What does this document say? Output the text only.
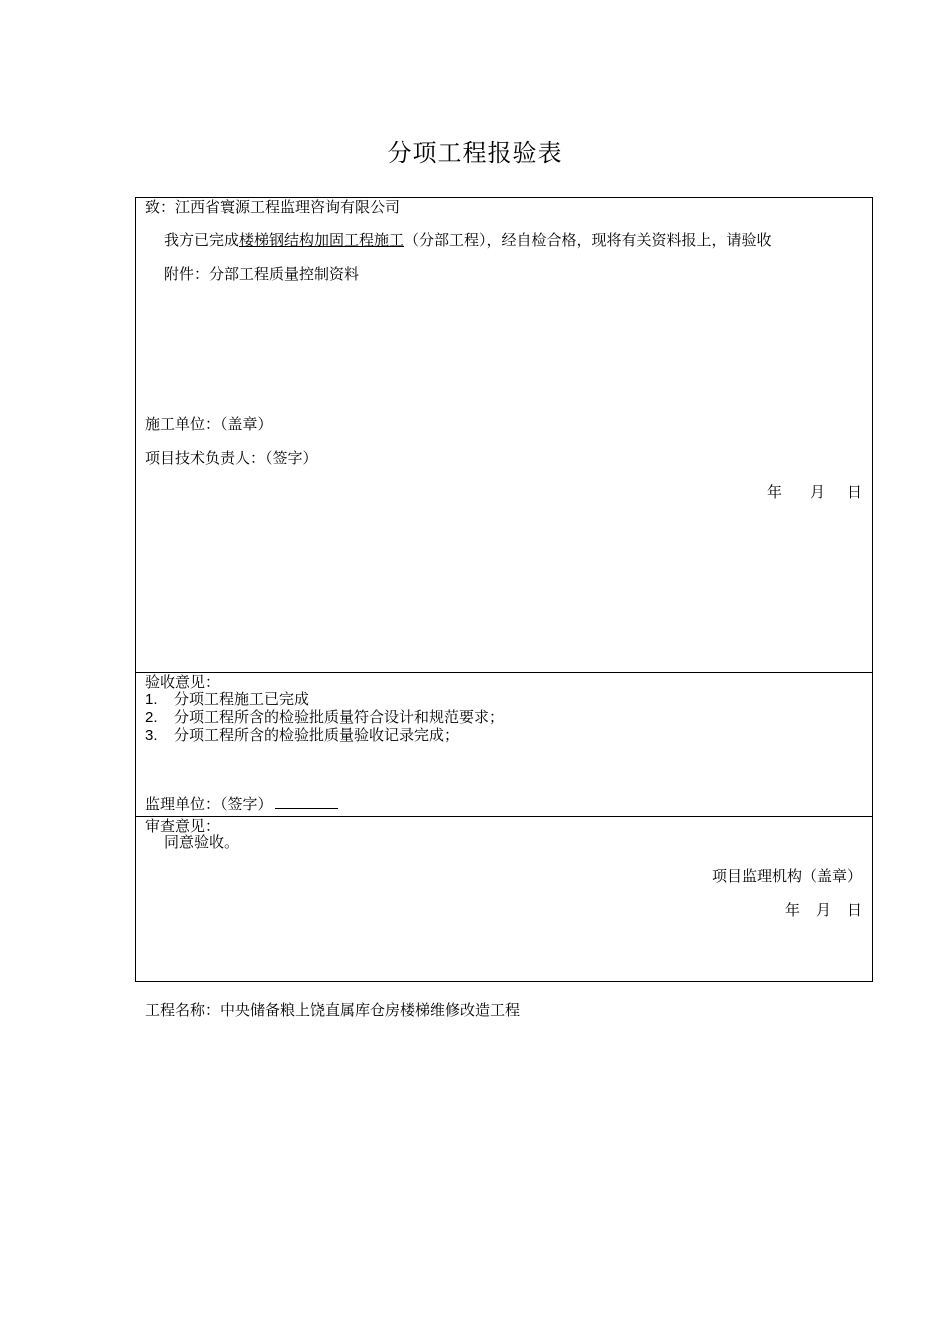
分项工程报验表
致：江西省寰源工程监理咨询有限公司
我方已完成楼梯钢结构加固工程施工（分部工程），经自检合格，现将有关资料报上，请验收
附件：分部工程质量控制资料
施工单位：（盖章）
项目技术负责人：（签字）
年 月 日
验收意见：
1. 分项工程施工已完成
2. 分项工程所含的检验批质量符合设计和规范要求；
3. 分项工程所含的检验批质量验收记录完成；
监理单位：（签字）
审查意见：
同意验收。
项目监理机构（盖章）
年 月 日
工程名称：中央储备粮上饶直属库仓房楼梯维修改造工程
